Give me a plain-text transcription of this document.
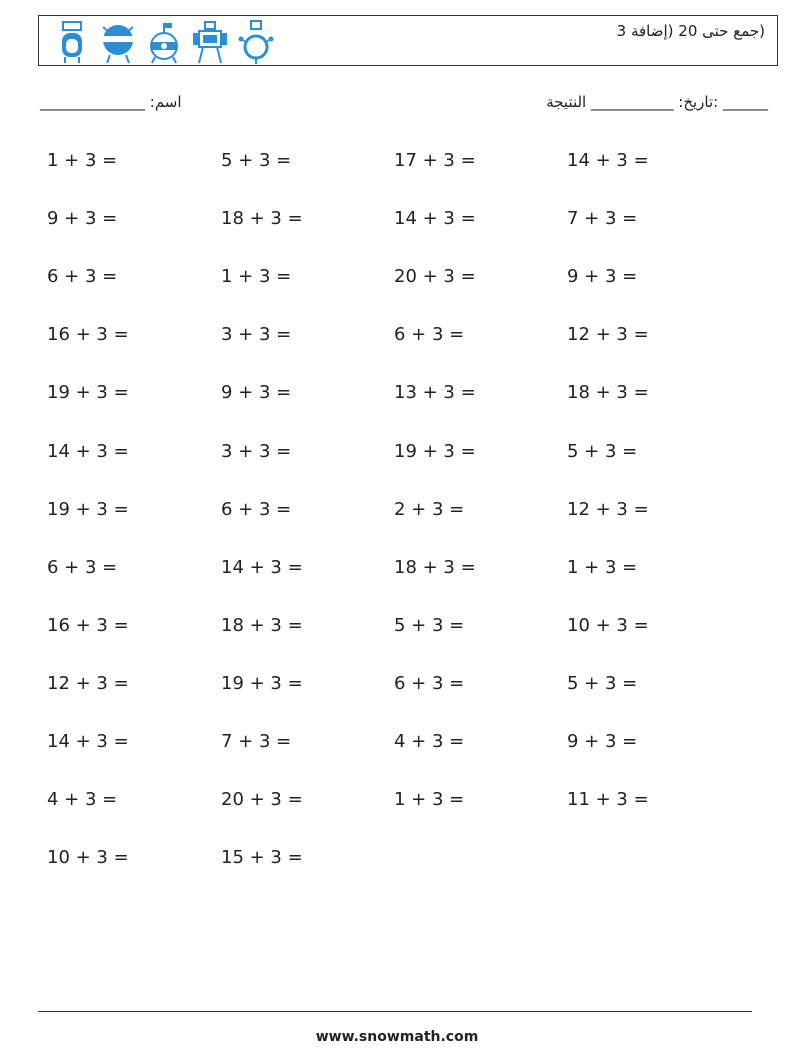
(جمع حتى 20 (إضافة 3
______ :تاريخ: ___________ النتيجة
اسم: ______________
1 + 3 =	5 + 3 =	17 + 3 =	14 + 3 =
9 + 3 =	18 + 3 =	14 + 3 =	7 + 3 =
6 + 3 =	1 + 3 =	20 + 3 =	9 + 3 =
16 + 3 =	3 + 3 =	6 + 3 =	12 + 3 =
19 + 3 =	9 + 3 =	13 + 3 =	18 + 3 =
14 + 3 =	3 + 3 =	19 + 3 =	5 + 3 =
19 + 3 =	6 + 3 =	2 + 3 =	12 + 3 =
6 + 3 =	14 + 3 =	18 + 3 =	1 + 3 =
16 + 3 =	18 + 3 =	5 + 3 =	10 + 3 =
12 + 3 =	19 + 3 =	6 + 3 =	5 + 3 =
14 + 3 =	7 + 3 =	4 + 3 =	9 + 3 =
4 + 3 =	20 + 3 =	1 + 3 =	11 + 3 =
10 + 3 =	15 + 3 =
www.snowmath.com
